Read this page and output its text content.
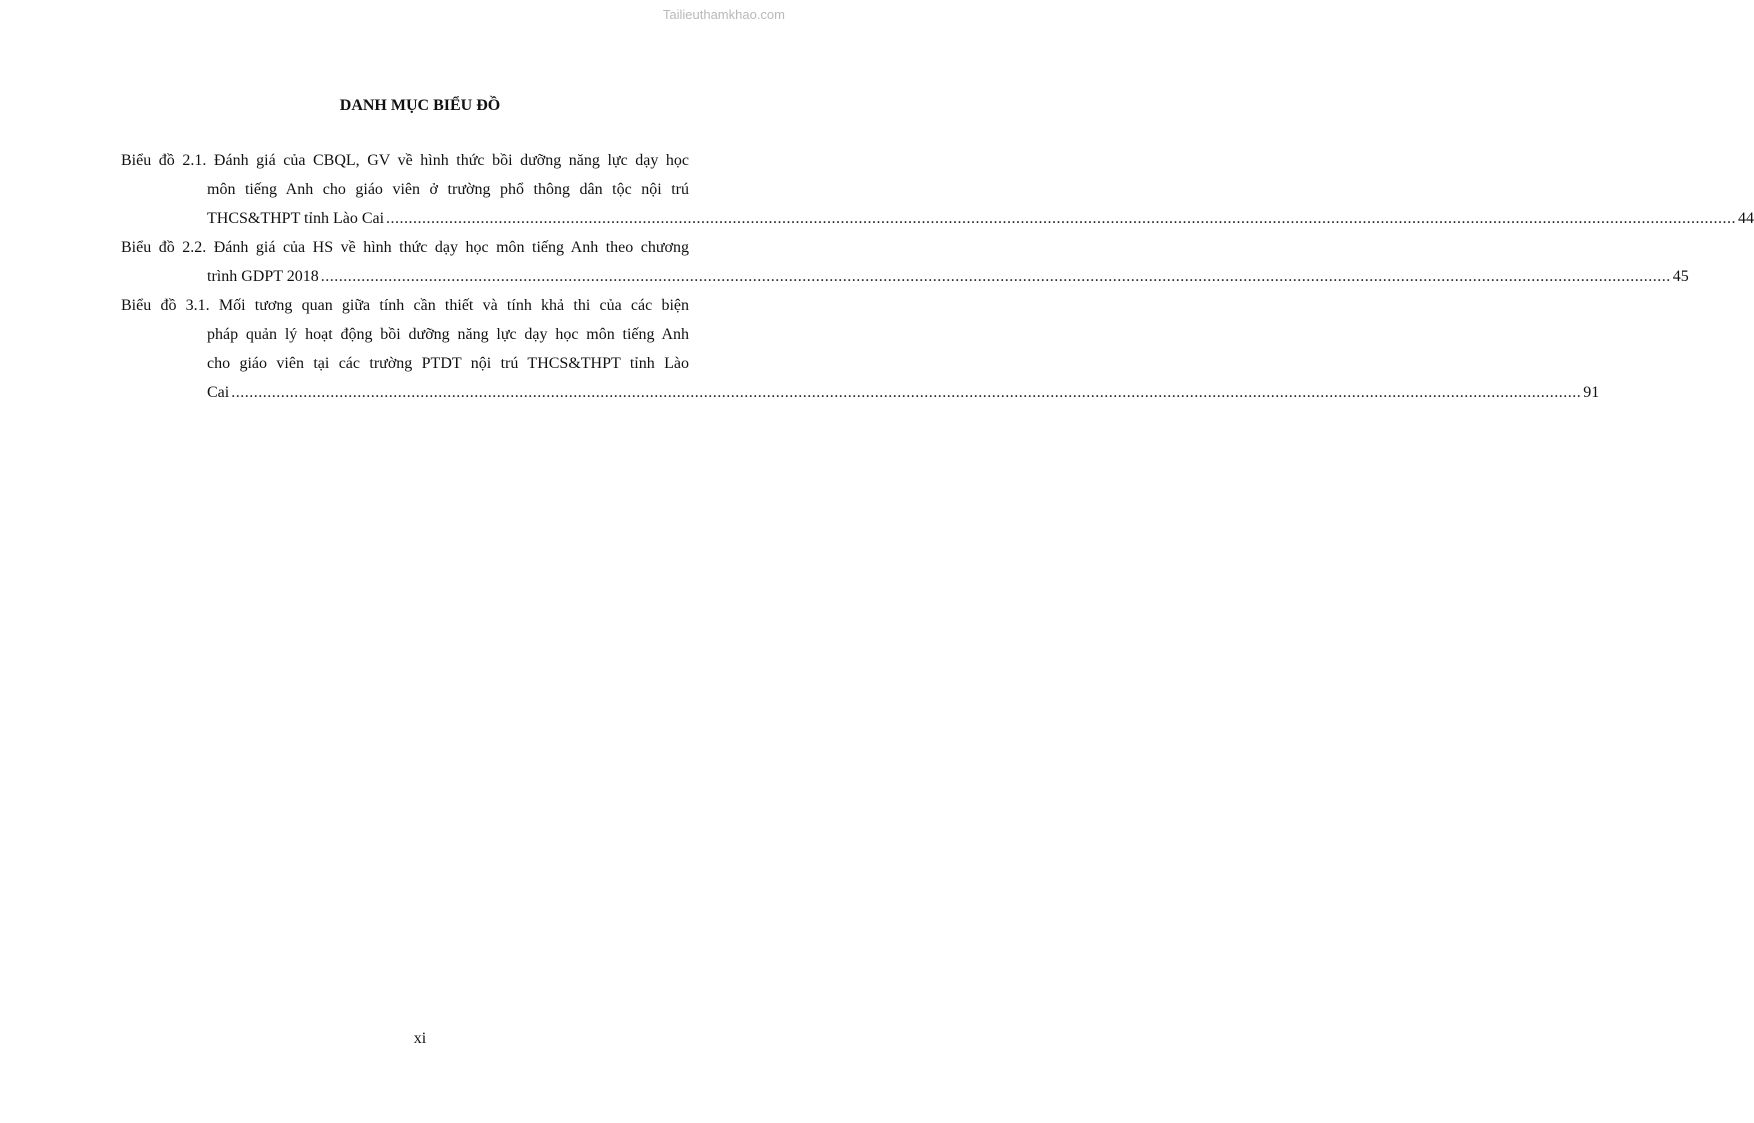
Tailieuthamkhao.com
DANH MỤC BIỂU ĐỒ
Biểu đồ 2.1. Đánh giá của CBQL, GV về hình thức bồi dưỡng năng lực dạy học
môn tiếng Anh cho giáo viên ở trường phổ thông dân tộc nội trú
THCS&THPT tỉnh Lào Cai ............................................................................................................................................................................................................................................................................................................ 44
Biểu đồ 2.2. Đánh giá của HS về hình thức dạy học môn tiếng Anh theo chương
trình GDPT 2018 ............................................................................................................................................................................................................................................................................................................ 45
Biểu đồ 3.1. Mối tương quan giữa tính cần thiết và tính khả thi của các biện
pháp quản lý hoạt động bồi dưỡng năng lực dạy học môn tiếng Anh
cho giáo viên tại các trường PTDT nội trú THCS&THPT tỉnh Lào
Cai ............................................................................................................................................................................................................................................................................................................ 91
xi
